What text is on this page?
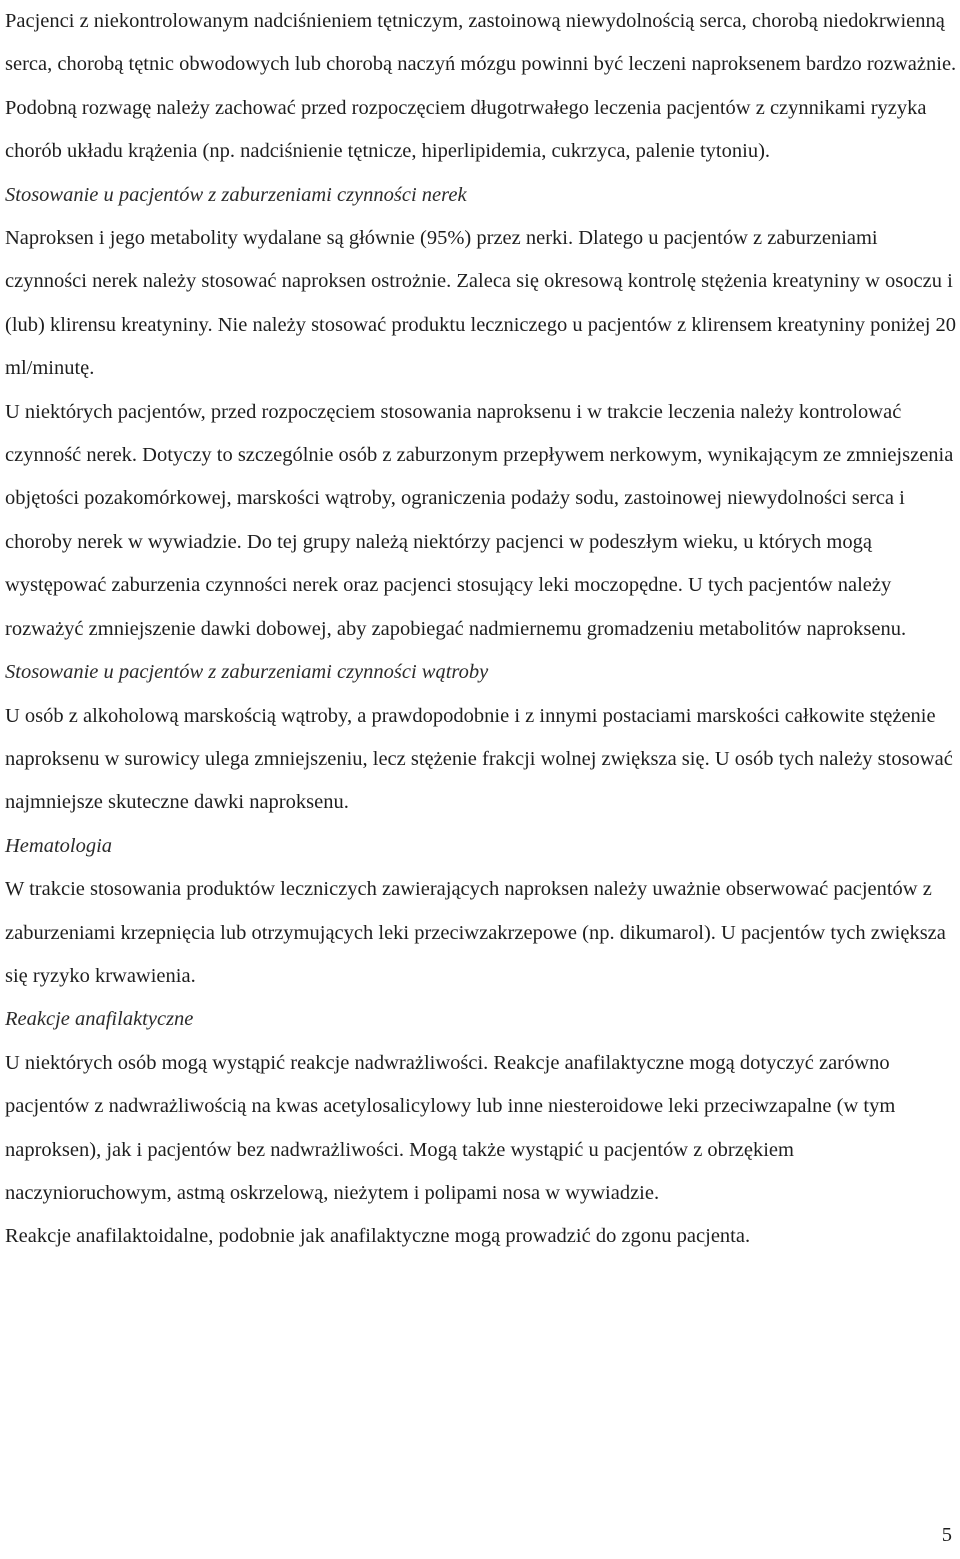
Pacjenci z niekontrolowanym nadciśnieniem tętniczym, zastoinową niewydolnością serca, chorobą niedokrwienną serca, chorobą tętnic obwodowych lub chorobą naczyń mózgu powinni być leczeni naproksenem bardzo rozważnie. Podobną rozwagę należy zachować przed rozpoczęciem długotrwałego leczenia pacjentów z czynnikami ryzyka chorób układu krążenia (np. nadciśnienie tętnicze, hiperlipidemia, cukrzyca, palenie tytoniu).

Stosowanie u pacjentów z zaburzeniami czynności nerek

Naproksen i jego metabolity wydalane są głównie (95%) przez nerki. Dlatego u pacjentów z zaburzeniami czynności nerek należy stosować naproksen ostrożnie. Zaleca się okresową kontrolę stężenia kreatyniny w osoczu i (lub) klirensu kreatyniny. Nie należy stosować produktu leczniczego u pacjentów z klirensem kreatyniny poniżej 20 ml/minutę.

U niektórych pacjentów, przed rozpoczęciem stosowania naproksenu i w trakcie leczenia należy kontrolować czynność nerek. Dotyczy to szczególnie osób z zaburzonym przepływem nerkowym, wynikającym ze zmniejszenia objętości pozakomórkowej, marskości wątroby, ograniczenia podaży sodu, zastoinowej niewydolności serca i choroby nerek w wywiadzie. Do tej grupy należą niektórzy pacjenci w podeszłym wieku, u których mogą występować zaburzenia czynności nerek oraz pacjenci stosujący leki moczopędne. U tych pacjentów należy rozważyć zmniejszenie dawki dobowej, aby zapobiegać nadmiernemu gromadzeniu metabolitów naproksenu.

Stosowanie u pacjentów z zaburzeniami czynności wątroby

U osób z alkoholową marskością wątroby, a prawdopodobnie i z innymi postaciami marskości całkowite stężenie naproksenu w surowicy ulega zmniejszeniu, lecz stężenie frakcji wolnej zwiększa się. U osób tych należy stosować najmniejsze skuteczne dawki naproksenu.

Hematologia

W trakcie stosowania produktów leczniczych zawierających naproksen należy uważnie obserwować pacjentów z zaburzeniami krzepnięcia lub otrzymujących leki przeciwzakrzepowe (np. dikumarol). U pacjentów tych zwiększa się ryzyko krwawienia.

Reakcje anafilaktyczne

U niektórych osób mogą wystąpić reakcje nadwrażliwości. Reakcje anafilaktyczne mogą dotyczyć zarówno pacjentów z nadwrażliwością na kwas acetylosalicylowy lub inne niesteroidowe leki przeciwzapalne (w tym naproksen), jak i pacjentów bez nadwrażliwości. Mogą także wystąpić u pacjentów z obrzękiem naczynioruchowym, astmą oskrzelową, nieżytem i polipami nosa w wywiadzie.

Reakcje anafilaktoidalne, podobnie jak anafilaktyczne mogą prowadzić do zgonu pacjenta.

5
